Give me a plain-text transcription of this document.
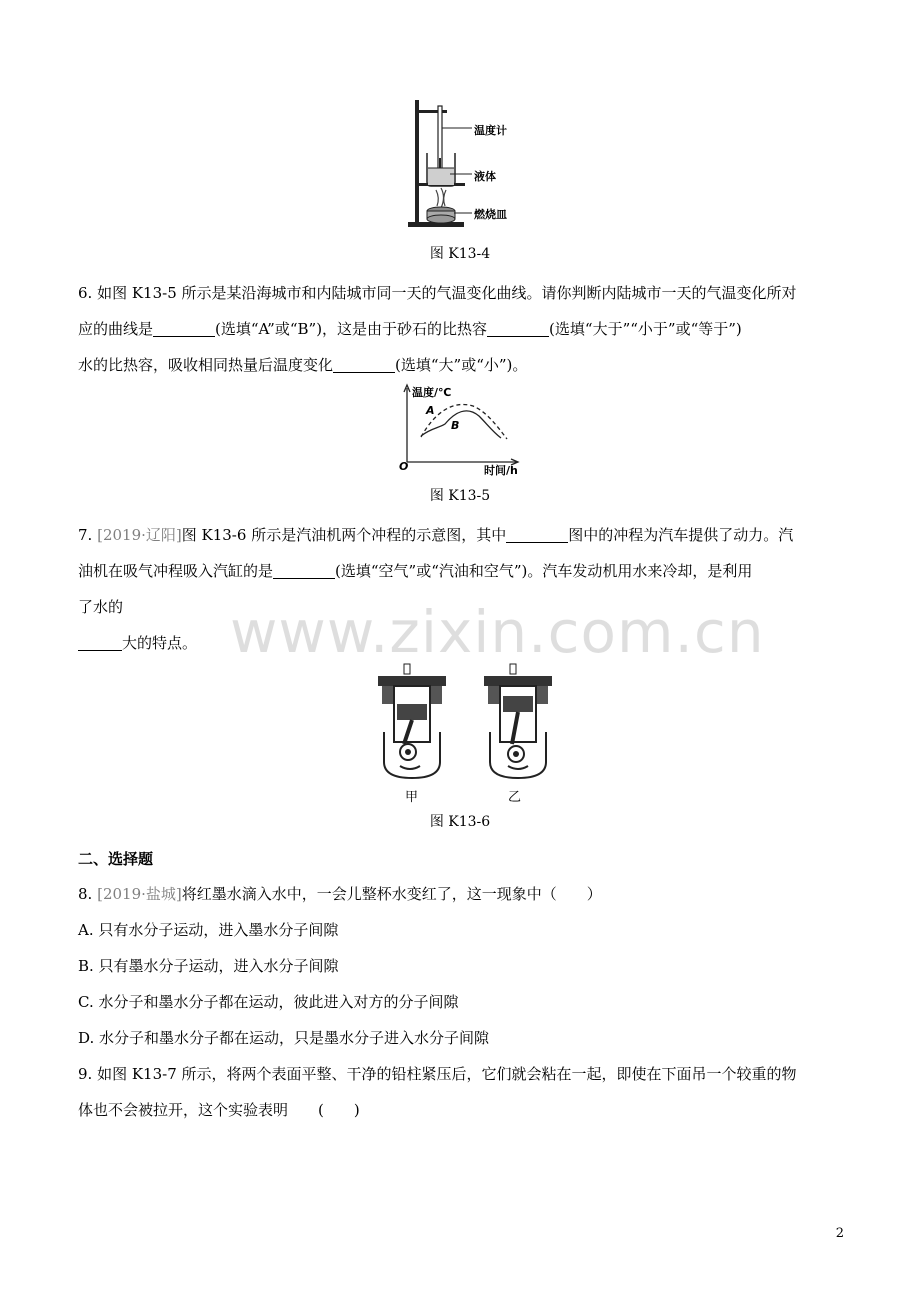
温度计
液体
燃烧皿
图 K13-4
6. 如图 K13-5 所示是某沿海城市和内陆城市同一天的气温变化曲线。请你判断内陆城市一天的气温变化所对
应的曲线是	(选填“A”或“B”)，这是由于砂石的比热容	(选填“大于”“小于”或“等于”)
水的比热容，吸收相同热量后温度变化	(选填“大”或“小”)。
温度/℃
A
B
O	时间/h
图 K13-5
7. [2019·辽阳]图 K13-6 所示是汽油机两个冲程的示意图，其中	图中的冲程为汽车提供了动力。汽
油机在吸气冲程吸入汽缸的是	(选填“空气”或“汽油和空气”)。汽车发动机用水来冷却，是利用
了水的
大的特点。
甲	乙
图 K13-6
二、选择题
8. [2019·盐城]将红墨水滴入水中，一会儿整杯水变红了，这一现象中（　　）
A. 只有水分子运动，进入墨水分子间隙
B. 只有墨水分子运动，进入水分子间隙
C. 水分子和墨水分子都在运动，彼此进入对方的分子间隙
D. 水分子和墨水分子都在运动，只是墨水分子进入水分子间隙
9. 如图 K13-7 所示，将两个表面平整、干净的铅柱紧压后，它们就会粘在一起，即使在下面吊一个较重的物
体也不会被拉开，这个实验表明　　(　　)
www.zixin.com.cn
2
